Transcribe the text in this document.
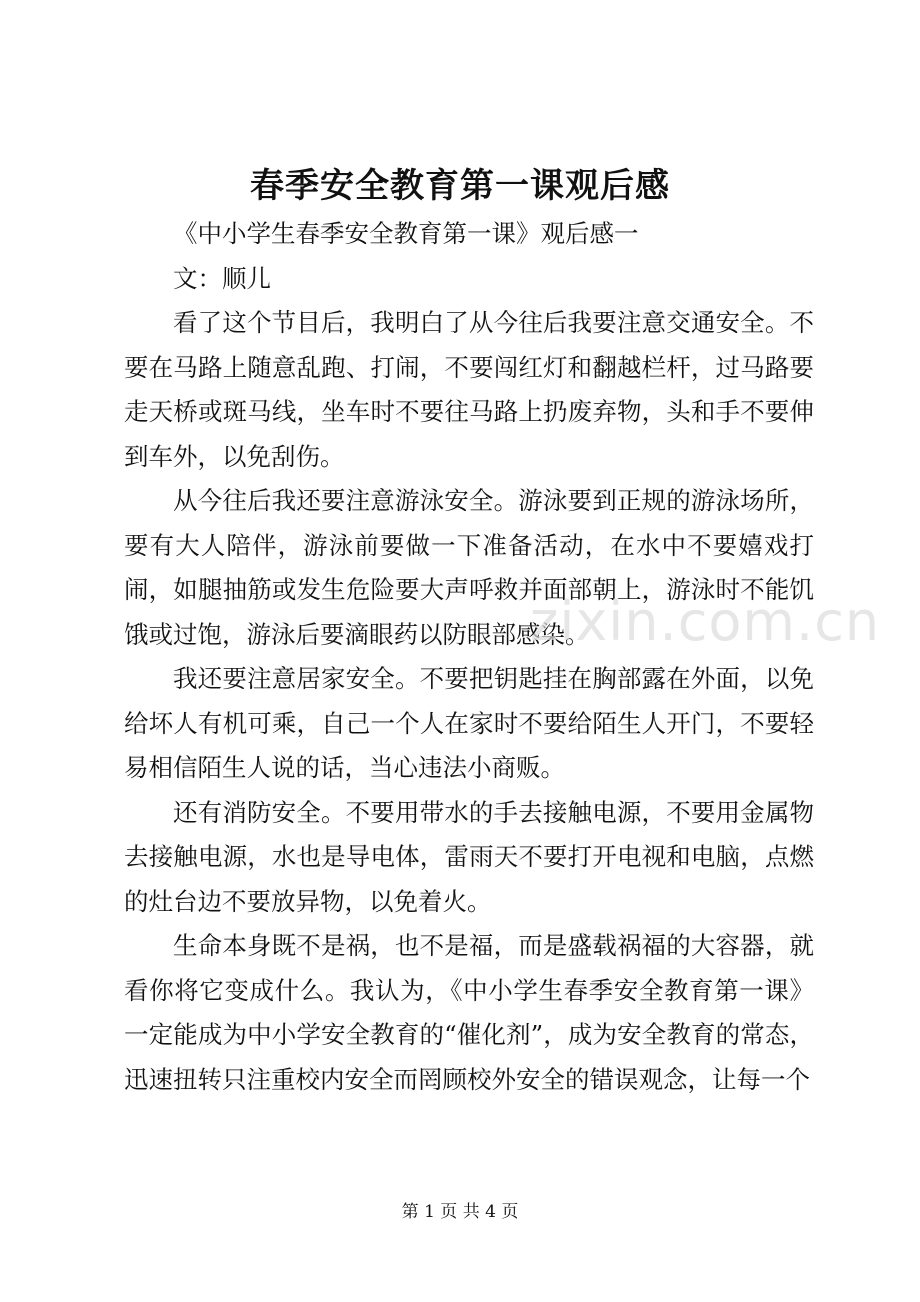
春季安全教育第一课观后感

《中小学生春季安全教育第一课》观后感一

文：顺儿

看了这个节目后，我明白了从今往后我要注意交通安全。不要在马路上随意乱跑、打闹，不要闯红灯和翻越栏杆，过马路要走天桥或斑马线，坐车时不要往马路上扔废弃物，头和手不要伸到车外，以免刮伤。

从今往后我还要注意游泳安全。游泳要到正规的游泳场所，要有大人陪伴，游泳前要做一下准备活动，在水中不要嬉戏打闹，如腿抽筋或发生危险要大声呼救并面部朝上，游泳时不能饥饿或过饱，游泳后要滴眼药以防眼部感染。

我还要注意居家安全。不要把钥匙挂在胸部露在外面，以免给坏人有机可乘，自己一个人在家时不要给陌生人开门，不要轻易相信陌生人说的话，当心违法小商贩。

还有消防安全。不要用带水的手去接触电源，不要用金属物去接触电源，水也是导电体，雷雨天不要打开电视和电脑，点燃的灶台边不要放异物，以免着火。

生命本身既不是祸，也不是福，而是盛载祸福的大容器，就看你将它变成什么。我认为，《中小学生春季安全教育第一课》一定能成为中小学安全教育的“催化剂”，成为安全教育的常态，迅速扭转只注重校内安全而罔顾校外安全的错误观念，让每一个

zixin.com.cn
第 1 页 共 4 页
